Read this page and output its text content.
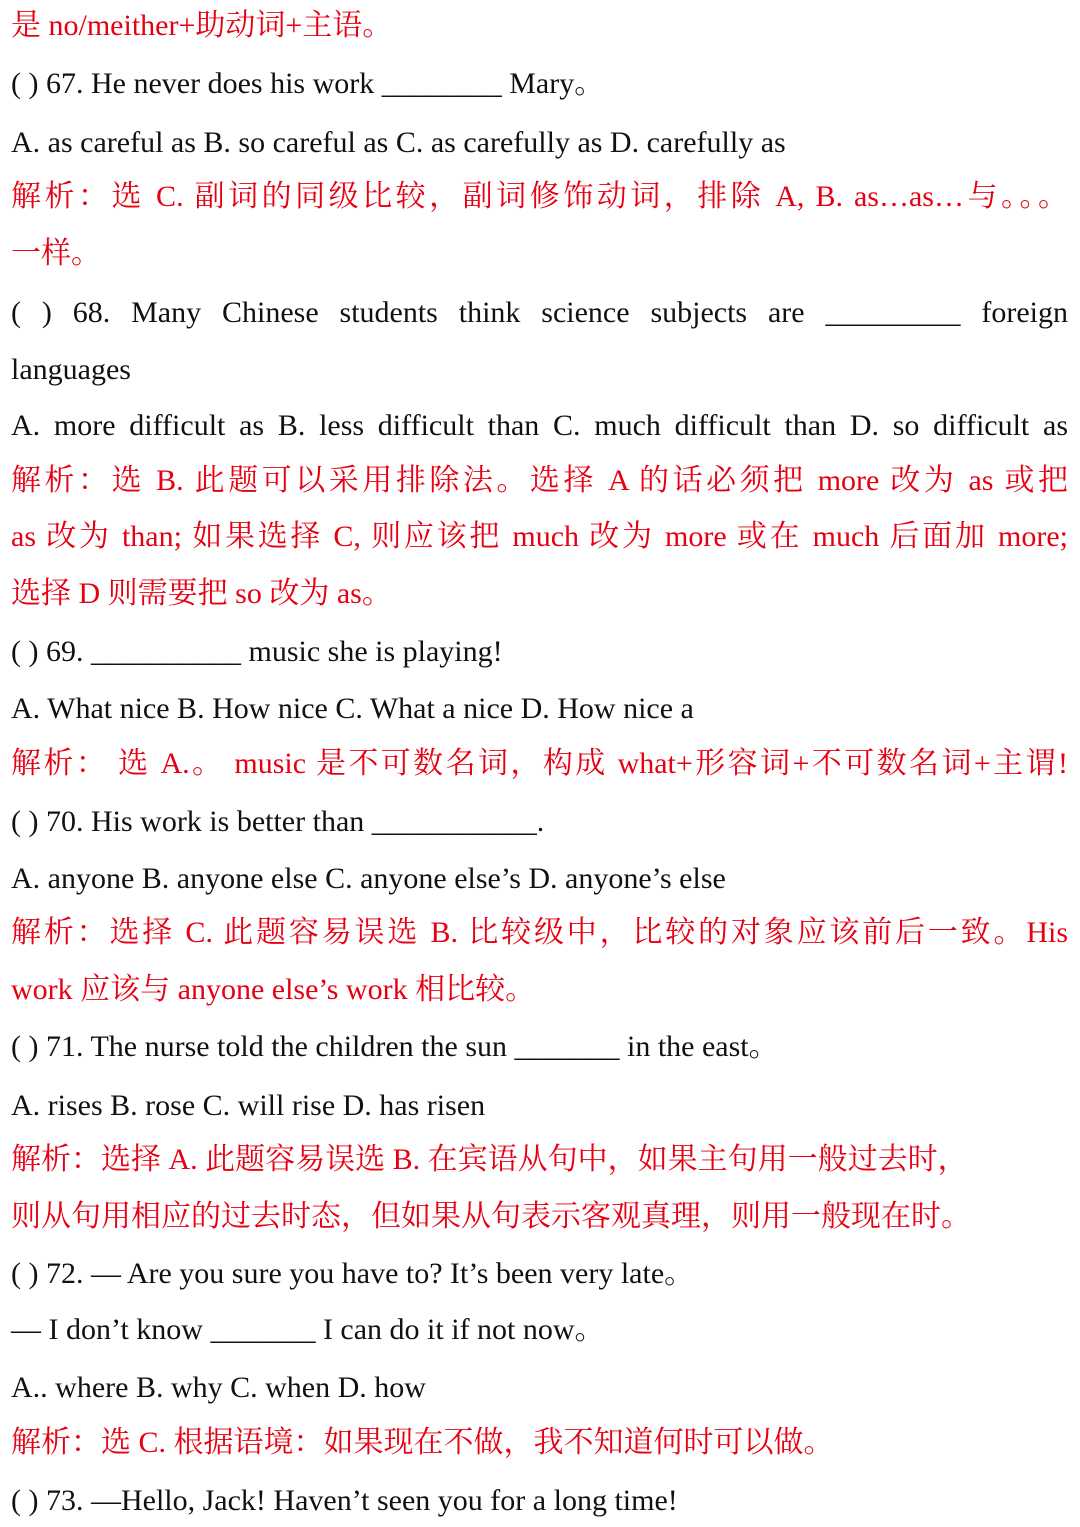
是 no/meither+助动词+主语。
( ) 67. He never does his work ________ Mary。
A. as careful as B. so careful as C. as carefully as D. carefully as
解析：选 C. 副词的同级比较，副词修饰动词，排除 A, B. as…as…与。。。
一样。
( ) 68. Many Chinese students think science subjects are _________ foreign
languages
A. more difficult as B. less difficult than C. much difficult than D. so difficult as
解析：选 B. 此题可以采用排除法。选择 A 的话必须把 more 改为 as 或把
as 改为 than; 如果选择 C, 则应该把 much 改为 more 或在 much 后面加 more;
选择 D 则需要把 so 改为 as。
( ) 69. __________ music she is playing!
A. What nice B. How nice C. What a nice D. How nice a
解析： 选 A.。 music 是不可数名词，构成 what+形容词+不可数名词+主谓!
( ) 70. His work is better than ___________.
A. anyone B. anyone else C. anyone else’s D. anyone’s else
解析：选择 C. 此题容易误选 B. 比较级中，比较的对象应该前后一致。His
work 应该与 anyone else’s work 相比较。
( ) 71. The nurse told the children the sun _______ in the east。
A. rises B. rose C. will rise D. has risen
解析：选择 A. 此题容易误选 B. 在宾语从句中，如果主句用一般过去时，
则从句用相应的过去时态，但如果从句表示客观真理，则用一般现在时。
( ) 72. — Are you sure you have to? It’s been very late。
— I don’t know _______ I can do it if not now。
A.. where B. why C. when D. how
解析：选 C. 根据语境：如果现在不做，我不知道何时可以做。
( ) 73. —Hello, Jack! Haven’t seen you for a long time!
